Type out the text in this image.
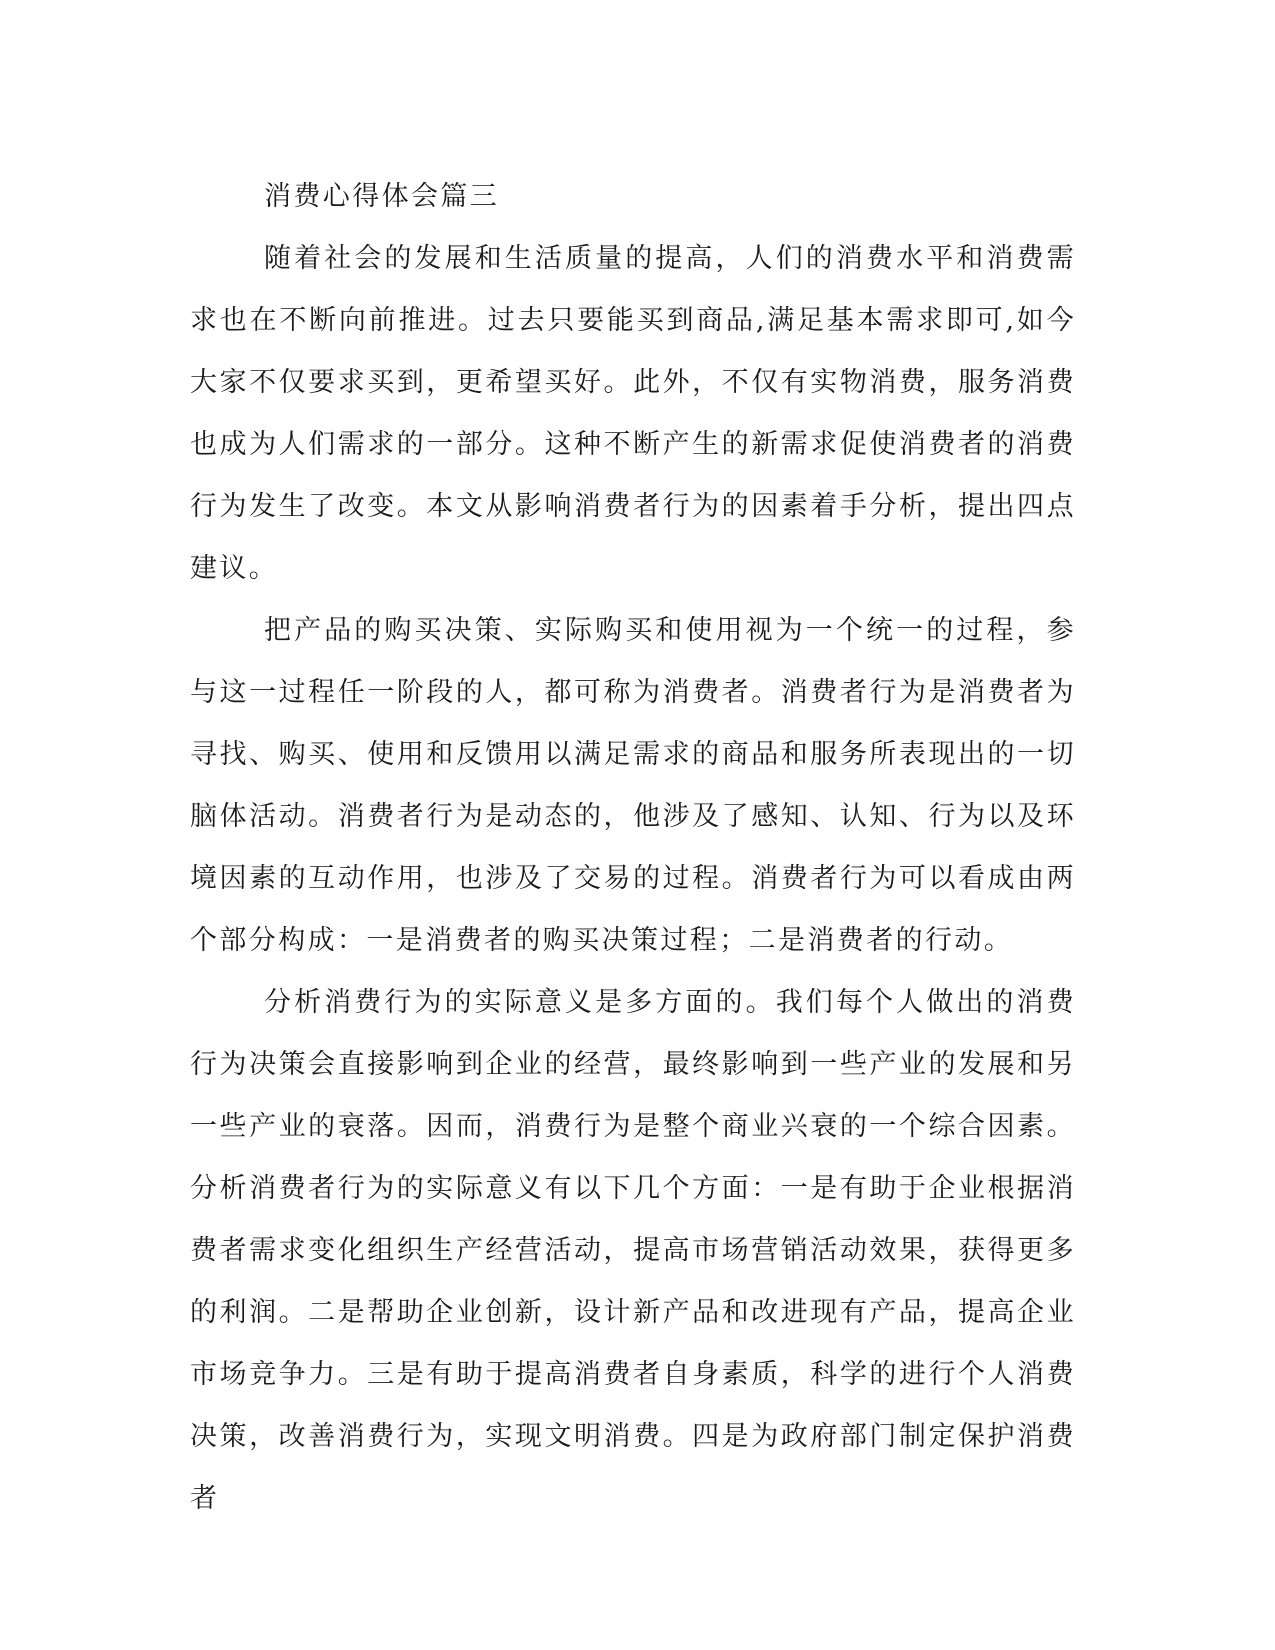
消费心得体会篇三

随着社会的发展和生活质量的提高，人们的消费水平和消费需求也在不断向前推进。过去只要能买到商品,满足基本需求即可,如今大家不仅要求买到，更希望买好。此外，不仅有实物消费，服务消费也成为人们需求的一部分。这种不断产生的新需求促使消费者的消费行为发生了改变。本文从影响消费者行为的因素着手分析，提出四点建议。

把产品的购买决策、实际购买和使用视为一个统一的过程，参与这一过程任一阶段的人，都可称为消费者。消费者行为是消费者为寻找、购买、使用和反馈用以满足需求的商品和服务所表现出的一切脑体活动。消费者行为是动态的，他涉及了感知、认知、行为以及环境因素的互动作用，也涉及了交易的过程。消费者行为可以看成由两个部分构成：一是消费者的购买决策过程；二是消费者的行动。

分析消费行为的实际意义是多方面的。我们每个人做出的消费行为决策会直接影响到企业的经营，最终影响到一些产业的发展和另一些产业的衰落。因而，消费行为是整个商业兴衰的一个综合因素。分析消费者行为的实际意义有以下几个方面：一是有助于企业根据消费者需求变化组织生产经营活动，提高市场营销活动效果，获得更多的利润。二是帮助企业创新，设计新产品和改进现有产品，提高企业市场竞争力。三是有助于提高消费者自身素质，科学的进行个人消费决策，改善消费行为，实现文明消费。四是为政府部门制定保护消费者
